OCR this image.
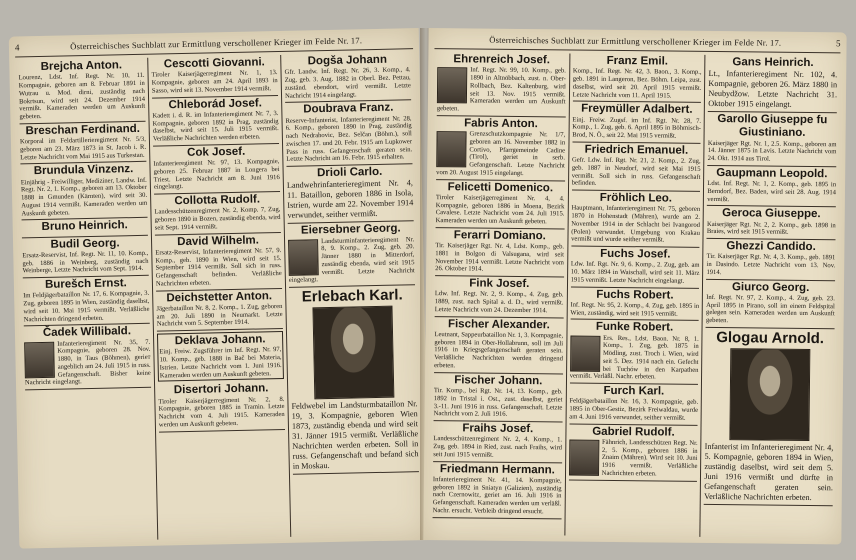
4	Österreichisches Suchblatt zur Ermittlung verschollener Krieger im Felde Nr. 17.
Brejcha Anton.
Lourenz, Ldst. Inf. Regt. Nr. 10, 11. Kompagnie, geboren am 8. Februar 1891 in Wutrau u. Mod. dirni, zuständig nach Bokrtsun, wird seit 24. Dezember 1914 vermißt. Kameraden werden um Auskunft gebeten.
Breschan Ferdinand.
Korporal im Feldartillerieregiment Nr. 5/3, geboren am 23. März 1873 in St. Jacob i. R. Letzte Nachricht vom Mai 1915 aus Turkestan.
Brundula Vinzenz.
Einjährig - Freiwilliger, Mediziner, Landw. Inf. Regt. Nr. 2, 1. Komp., geboren am 13. Oktober 1888 in Gmunden (Kärnten), wird seit 30. August 1914 vermißt. Kameraden werden um Auskunft gebeten.
Bruno Heinrich.
Budil Georg.
Ersatz-Reservist, Inf. Regt. Nr. 11, 10. Komp., geb. 1886 in Weinberg, zuständig nach Weinberge, Letzte Nachricht vom Sept. 1914.
Burešch Ernst.
Im Feldjägerbataillon Nr. 17, 6. Kompagnie, 3. Zug, geboren 1895 in Wien, zuständig daselbst, wird seit 10. Mai 1915 vermißt. Verläßliche Nachrichten dringend erbeten.
Čadek Willibald.
Infanterieregiment Nr. 35, 7. Kompagnie, geboren 28. Nov. 1880, in Taus (Böhmen), gerieт angeblich am 24. Juli 1915 in russ. Gefangenschaft. Bisher keine Nachricht eingelangt.
Cescotti Giovanni.
Tiroler Kaiserjägerregiment Nr. 1, 13. Kompagnie, geboren am 24. April 1893 in Sasso, wird seit 13. November 1914 vermißt.
Chleborád Josef.
Kadett i. d. R. im Infanterieregiment Nr. 7, 3. Kompagnie, geboren 1892 in Prag, zuständig daselbst, wird seit 15. Juli 1915 vermißt. Verläßliche Nachrichten werden erbeten.
Cok Josef.
Infanterieregiment Nr. 97, 13. Kompagnie, geboren 25. Februar 1887 in Longera bei Triest. Letzte Nachricht am 8. Juni 1916 eingelangt.
Collotta Rudolf.
Landesschützenregiment Nr. 2, Komp. 7, Zug, geboren 1890 in Bozen, zuständig ebenda, wird seit Sept. 1914 vermißt.
David Wilhelm.
Ersatz-Reservist, Infanterieregiment Nr. 57, 9. Komp., geb. 1890 in Wien, wird seit 15. September 1914 vermißt. Soll sich in russ. Gefangenschaft befinden. Verläßliche Nachrichten erbeten.
Deichstetter Anton.
Jägerbataillon Nr. 8, 2. Komp., 1. Zug, geboren am 20. Juli 1890 in Neumarkt. Letzte Nachricht vom 5. September 1914.
Deklava Johann.
Einj. Freiw. Zugsführer im Inf. Regt. Nr. 97, 10. Komp., geb. 1888 in Bač bei Materia, Istrien. Letzte Nachricht vom 1. Juni 1916. Kameraden werden um Auskunft gebeten.
Disertori Johann.
Tiroler Kaiserjägerregiment Nr. 2, 8. Kompagnie, geboren 1885 in Tramin. Letzte Nachricht vom 4. Juli 1915. Kameraden werden um Auskunft gebeten.
Dogša Johann
Gfr. Landw. Inf. Regt. Nr. 26, 3. Komp., 4. Zug, geb. 3. Aug. 1882 in Oberl. Bez. Pettau, zuständ. ebendort, wird vermißt. Letzte Nachricht 1914 eingelangt.
Doubrava Franz.
Reserve-Infanterist, Infanterieregiment Nr. 28, 6. Komp., geboren 1890 in Prag, zuständig nach Nedrahovic, Bez. Selčan (Böhm.), soll zwischen 17. und 20. Febr. 1915 am Lupkower Pass in russ. Gefangenschaft geraten sein. Letzte Nachricht am 16. Febr. 1915 erhalten.
Drioli Carlo.
Landwehrinfanterieregiment Nr. 4, 11. Bataillon, geboren 1886 in Isola, Istrien, wurde am 22. November 1914 verwundet, seither vermißt.
Eiersebner Georg.
Landsturminfanterieregiment Nr. 8, 9. Komp., 2. Zug, geb. 20. Jänner 1880 in Mitterdorf, zuständig ebenda, wird seit 1915 vermißt. Letzte Nachricht eingelangt.
Erlebach Karl.
Feldwebel im Landsturmbataillon Nr. 19, 3. Kompagnie, geboren Wien 1873, zuständig ebenda und wird seit 31. Jänner 1915 vermißt. Verläßliche Nachrichten werden erbeten. Soll in russ. Gefangenschaft und befand sich in Moskau.
Österreichisches Suchblatt zur Ermittlung verschollener Krieger im Felde Nr. 17.	5
Ehrenreich Josef.
Inf. Regt. Nr. 99, 10. Komp., geb. 1890 in Altnöbbach, zust. n. Ober-Rollbach, Bez. Kaltenburg, wird seit 13. Nov. 1915 vermißt. Kameraden werden um Auskunft gebeten.
Fabris Anton.
Grenzschutzkompagnie Nr. 1/7, geboren am 16. November 1882 in Cortivo, Pfarrgemeinde Cadine (Tirol), geriet in serb. Gefangenschaft. Letzte Nachricht vom 20. August 1915 eingelangt.
Felicetti Domenico.
Tiroler Kaiserjägerregiment Nr. 4, 4. Kompagnie, geboren 1886 in Moena, Bezirk Cavalese. Letzte Nachricht vom 24. Juli 1915. Kameraden werden um Auskunft gebeten.
Ferarri Domiano.
Tir. Kaiserjäger Rgt. Nr. 4, Ldst. Komp., geb. 1881 in Bolgon di Valsugana, wird seit November 1914 vermißt. Letzte Nachricht vom 26. Oktober 1914.
Fink Josef.
Ldw. Inf. Regt. Nr. 2, 9. Komp., 4. Zug, geb. 1889, zust. nach Spital a. d. D., wird vermißt. Letzte Nachricht vom 24. Dezember 1914.
Fischer Alexander.
Leutnant, Sappeurbataillon Nr. 1, 3. Kompagnie, geboren 1894 in Ober-Hollabrunn, soll im Juli 1916 in Kriegsgefangenschaft geraten sein. Verläßliche Nachrichten werden dringend erbeten.
Fischer Johann.
Tir. Komp., bei Rgt. Nr. 14, 13. Komp., geb. 1892 in Tristal i. Ost., zust. daselbst, geriet 3.-11. Juni 1916 in russ. Gefangenschaft. Letzte Nachricht vom 2. Juli 1916.
Fraihs Josef.
Landesschützenregiment Nr. 2, 4. Komp., 1. Zug, geb. 1894 in Ried, zust. nach Fraihs, wird seit Juni 1915 vermißt.
Friedmann Hermann.
Infanterieregiment Nr. 41, 14. Kompagnie, geboren 1892 in Sniatyn (Galizien), zuständig nach Czernowitz, geriet am 16. Juli 1916 in Gefangenschaft. Kameraden werden um verläßl. Nachr. ersucht. Verbleib dringend ersucht.
Franz Emil.
Komp., Inf. Regt. Nr. 42, 3. Baon., 3. Komp., geb. 1891 in Langeron, Bez. Böhm. Leipa, zust. daselbst, wird seit 20. April 1915 vermißt. Letzte Nachricht vom 11. April 1915.
Freymüller Adalbert.
Einj. Freiw. Zugsf. im Inf. Rgt. Nr. 28, 7. Komp., 1. Zug, geb. 6. April 1895 in Böhmisch-Brod, N. Ö., seit 22. Mai 1915 vermißt.
Friedrich Emanuel.
Gefr. Ldw. Inf. Rgt. Nr. 21, 2. Komp., 2. Zug, geb. 1887 in Neudorf, wird seit Mai 1915 vermißt. Soll sich in russ. Gefangenschaft befinden.
Fröhlich Leo.
Hauptmann, Infanterieregiment Nr. 75, geboren 1870 in Hohenstadt (Mähren), wurde am 2. November 1914 in der Schlacht bei Ivangorod (Polen) verwundet. Umgebung von Krakau vermißt und wurde seither vermißt.
Fuchs Josef.
Ldw. Inf. Rgt. Nr. 9, 6. Komp., 2. Zug, geb. am 10. März 1894 in Waischall, wird seit 11. März 1915 vermißt. Letzte Nachricht eingelangt.
Fuchs Robert.
Inf. Regt. Nr. 95, 2. Komp., 4. Zug, geb. 1895 in Wien, zuständig, wird seit 1915 vermißt.
Funke Robert.
Ers. Res., Ldst. Baon. Nr. 8, 1. Komp., 1. Zug, geb. 1875 in Mödling, zust. Troch i. Wien, wird seit 5. Dez. 1914 nach ein. Gefecht bei Tuchów in den Karpathen vermißt. Verläßl. Nachr. erbeten.
Furch Karl.
Feldjägerbataillon Nr. 16, 3. Kompagnie, geb. 1895 in Ober-Gestiz, Bezirk Freiwaldau, wurde am 4. Juni 1916 verwundet, seither vermißt.
Gabriel Rudolf.
Fähnrich, Landesschützen Regt. Nr. 2, 5. Komp., geboren 1886 in Znaim (Mähren). Wird seit 10. Juni 1916 vermißt. Verläßliche Nachrichten erbeten.
Gans Heinrich.
Lt., Infanterieregiment Nr. 102, 4. Kompagnie, geboren 26. März 1880 in Neubydžow. Letzte Nachricht 31. Oktober 1915 eingelangt.
Garollo Giuseppe fu Giustiniano.
Kaiserjäger Rgt. Nr. 1, 2.5. Komp., geboren am 14. Jänner 1875 in Lavis. Letzte Nachricht vom 24. Okt. 1914 aus Tirol.
Gaupmann Leopold.
Ldst. Inf. Regt. Nr. 1, 2. Komp., geb. 1895 in Berndorf, Bez. Baden, wird seit 28. Aug. 1914 vermißt.
Geroca Giuseppe.
Kaiserjäger Rgt. Nr. 2, 2. Komp., geb. 1898 in Braies, wird seit 1915 vermißt.
Ghezzi Candido.
Tir. Kaiserjäger Rgt. Nr. 4, 3. Komp., geb. 1891 in Dasindo. Letzte Nachricht vom 13. Nov. 1914.
Giurco Georg.
Inf. Regt. Nr. 97, 2. Komp., 4. Zug, geb. 23. April 1895 in Pirano, soll im einem Feldspital gelegen sein. Kameraden werden um Auskunft gebeten.
Glogau Arnold.
Infanterist im Infanterieregiment Nr. 4, 5. Kompagnie, geboren 1894 in Wien, zuständig daselbst, wird seit dem 5. Juni 1916 vermißt und dürfte in Gefangenschaft geraten sein. Verläßliche Nachrichten erbeten.
